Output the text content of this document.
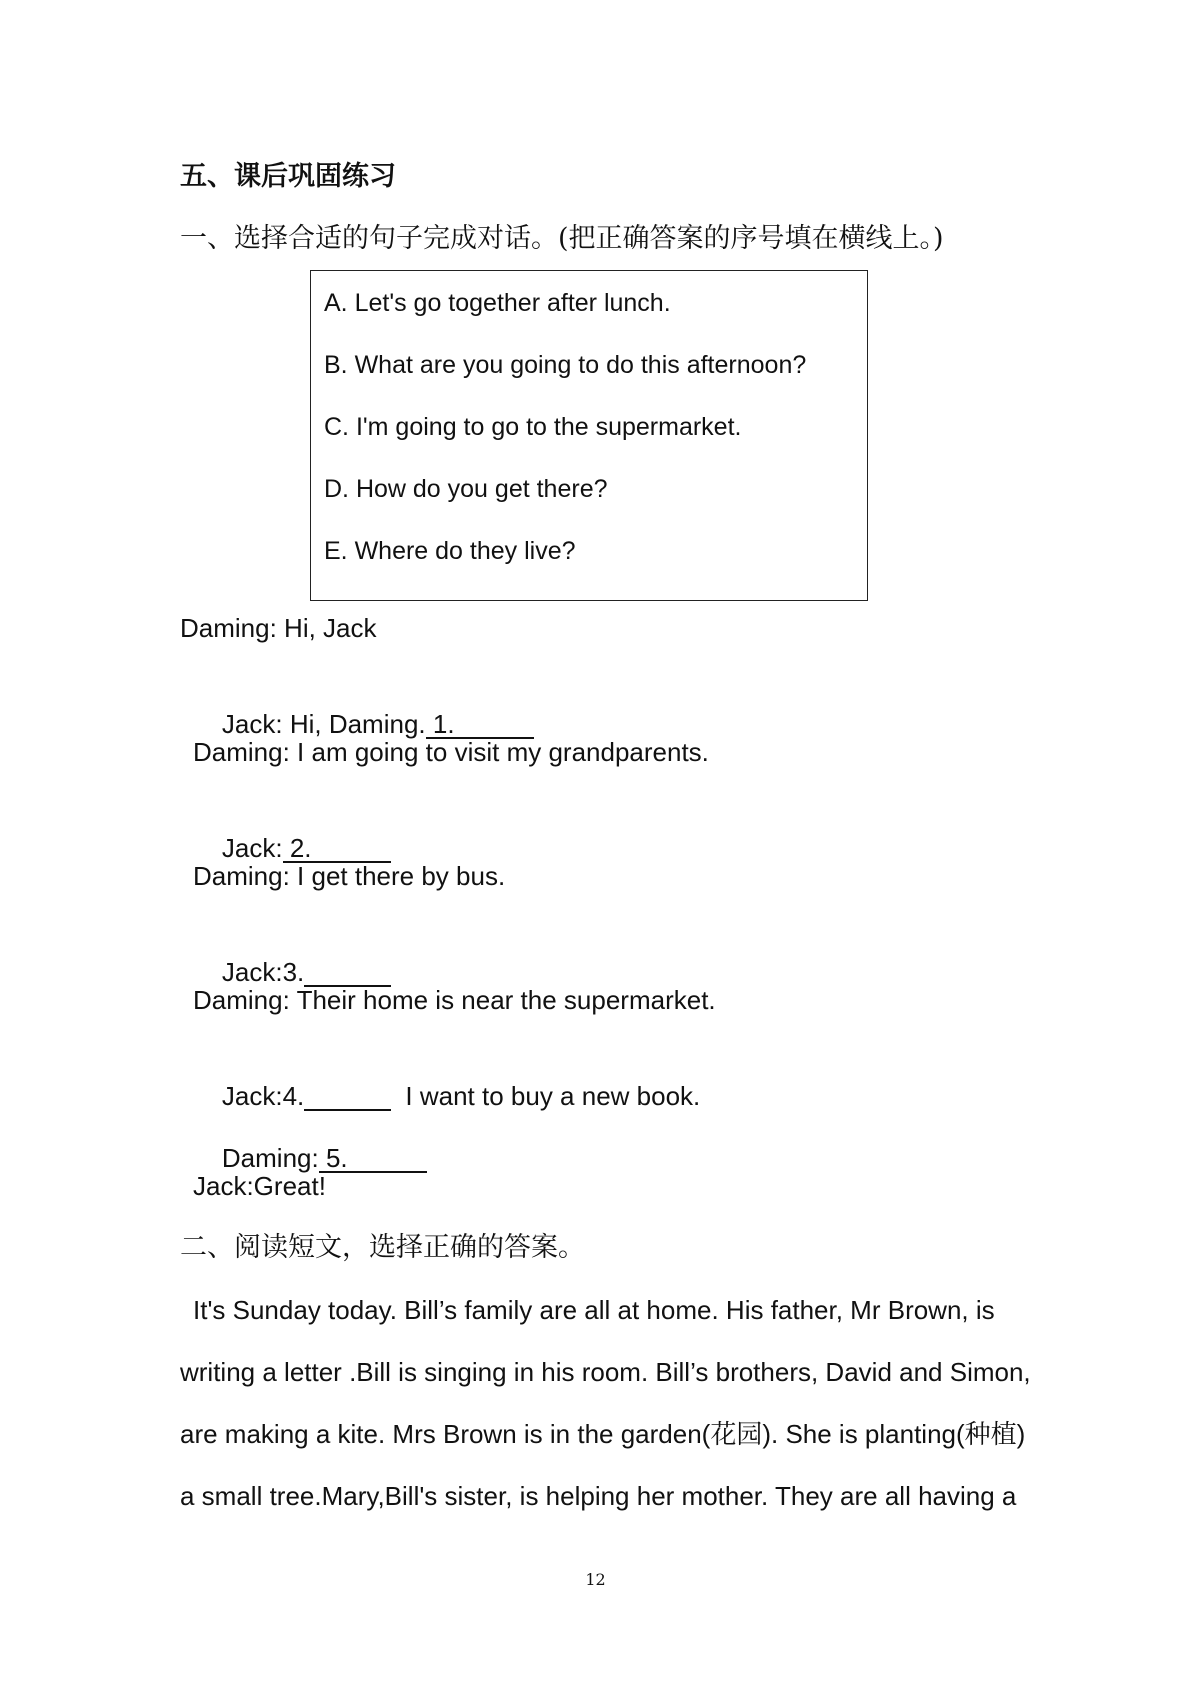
五、课后巩固练习
一、选择合适的句子完成对话。(把正确答案的序号填在横线上。)
A. Let's go together after lunch.
B. What are you going to do this afternoon?
C. I'm going to go to the supermarket.
D. How do you get there?
E. Where do they live?
Daming: Hi, Jack

Jack: Hi, Daming. 1.

Daming: I am going to visit my grandparents.

Jack: 2.

Daming: I get there by bus.

Jack:3.

Daming: Their home is near the supermarket.

Jack:4.	I want to buy a new book.

Daming: 5.

Jack:Great!
二、阅读短文，选择正确的答案。
It's Sunday today. Bill’s family are all at home. His father, Mr Brown, is
writing a letter .Bill is singing in his room. Bill’s brothers, David and Simon,
are making a kite. Mrs Brown is in the garden(花园). She is planting(种植)
a small tree.Mary,Bill's sister, is helping her mother. They are all having a
12
